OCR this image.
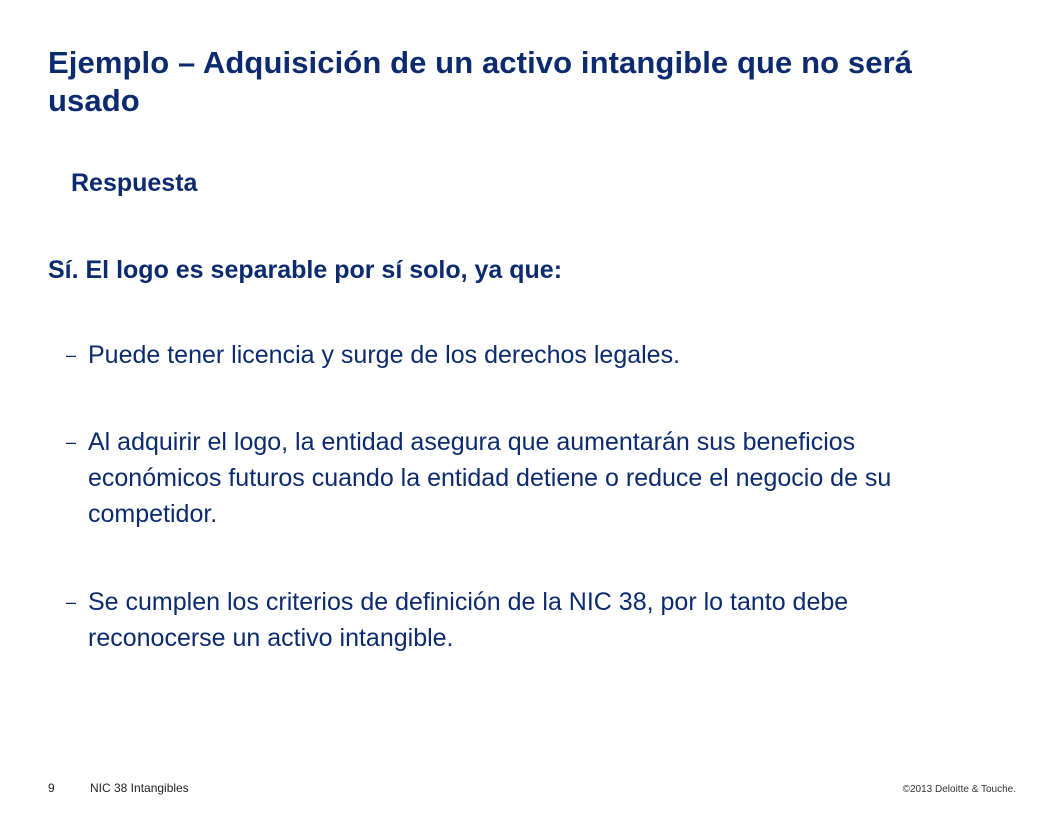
Ejemplo – Adquisición de un activo intangible que no será usado
Respuesta

Sí. El logo es separable por sí solo, ya que:

– Puede tener licencia y surge de los derechos legales.
– Al adquirir el logo, la entidad asegura que aumentarán sus beneficios económicos futuros cuando la entidad detiene o reduce el negocio de su competidor.
– Se cumplen los criterios de definición de la NIC 38, por lo tanto debe reconocerse un activo intangible.
9	NIC 38 Intangibles	©2013 Deloitte & Touche.
